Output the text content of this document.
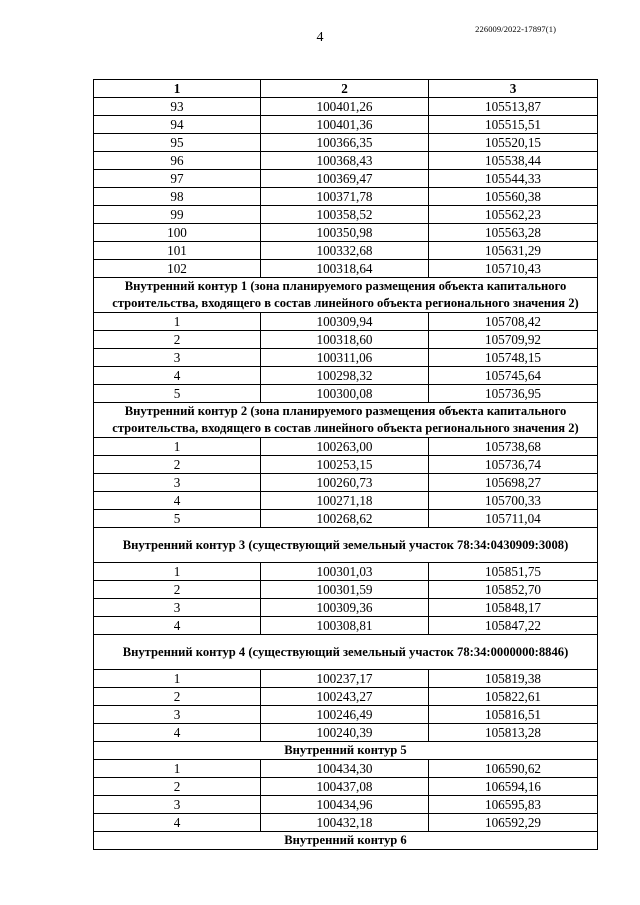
226009/2022-17897(1)
4
1	2	3
93	100401,26	105513,87
94	100401,36	105515,51
95	100366,35	105520,15
96	100368,43	105538,44
97	100369,47	105544,33
98	100371,78	105560,38
99	100358,52	105562,23
100	100350,98	105563,28
101	100332,68	105631,29
102	100318,64	105710,43
Внутренний контур 1 (зона планируемого размещения объекта капитального строительства, входящего в состав линейного объекта регионального значения 2)		
1	100309,94	105708,42
2	100318,60	105709,92
3	100311,06	105748,15
4	100298,32	105745,64
5	100300,08	105736,95
Внутренний контур 2 (зона планируемого размещения объекта капитального строительства, входящего в состав линейного объекта регионального значения 2)		
1	100263,00	105738,68
2	100253,15	105736,74
3	100260,73	105698,27
4	100271,18	105700,33
5	100268,62	105711,04
Внутренний контур 3 (существующий земельный участок 78:34:0430909:3008)		
1	100301,03	105851,75
2	100301,59	105852,70
3	100309,36	105848,17
4	100308,81	105847,22
Внутренний контур 4 (существующий земельный участок 78:34:0000000:8846)		
1	100237,17	105819,38
2	100243,27	105822,61
3	100246,49	105816,51
4	100240,39	105813,28
Внутренний контур 5		
1	100434,30	106590,62
2	100437,08	106594,16
3	100434,96	106595,83
4	100432,18	106592,29
Внутренний контур 6		
